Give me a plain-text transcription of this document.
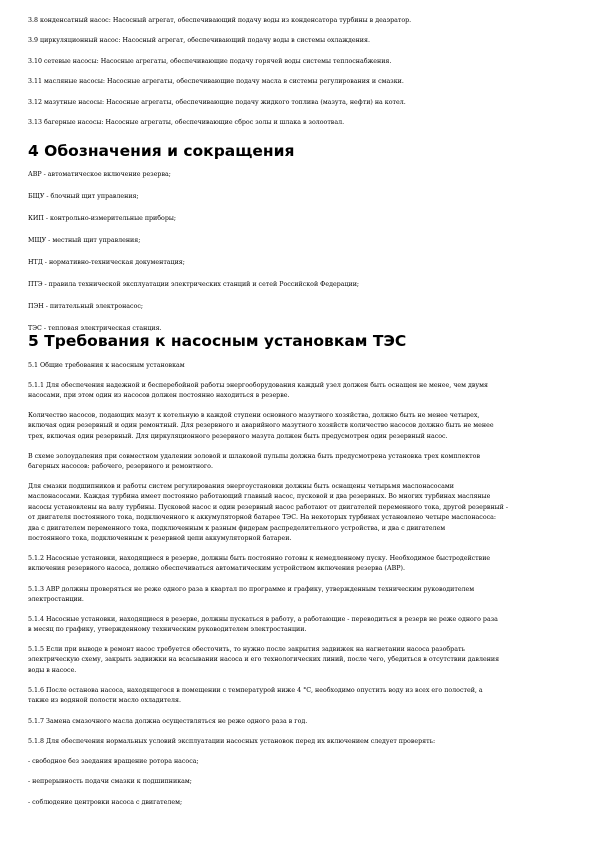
3.8 конденсатный насос: Насосный агрегат, обеспечивающий подачу воды из конденсатора турбины в деаэратор.
3.9 циркуляционный насос: Насосный агрегат, обеспечивающий подачу воды в системы охлаждения.
3.10 сетевые насосы: Насосные агрегаты, обеспечивающие подачу горячей воды системы теплоснабжения.
3.11 масляные насосы: Насосные агрегаты, обеспечивающие подачу масла в системы регулирования и смазки.
3.12 мазутные насосы: Насосные агрегаты, обеспечивающие подачу жидкого топлива (мазута, нефти) на котел.
3.13 багерные насосы: Насосные агрегаты, обеспечивающие сброс золы и шлака в золоотвал.
4 Обозначения и сокращения
АВР - автоматическое включение резерва;
БЩУ - блочный щит управления;
КИП - контрольно-измерительные приборы;
МЩУ - местный щит управления;
НТД - нормативно-техническая документация;
ПТЭ - правила технической эксплуатации электрических станций и сетей Российской Федерации;
ПЭН - питательный электронасос;
ТЭС - тепловая электрическая станция.
5 Требования к насосным установкам ТЭС
5.1 Общие требования к насосным установкам
5.1.1 Для обеспечения надежной и бесперебойной работы энергооборудования каждый узел должен быть оснащен не менее, чем двумя
насосами, при этом один из насосов должен постоянно находиться в резерве.
Количество насосов, подающих мазут к котельную в каждой ступени основного мазутного хозяйства, должно быть не менее четырех,
включая один резервный и один ремонтный. Для резервного и аварийного мазутного хозяйств количество насосов должно быть не менее
трех, включая один резервный. Для циркуляционного резервного мазута должен быть предусмотрен один резервный насос.
В схеме золоудаления при совместном удалении золовой и шлаковой пульпы должна быть предусмотрена установка трех комплектов
багерных насосов: рабочего, резервного и ремонтного.
Для смазки подшипников и работы систем регулирования энергоустановки должны быть оснащены четырьмя маслонасосами
маслонасосами. Каждая турбина имеет постоянно работающий главный насос, пусковой и два резервных. Во многих турбинах масляные
насосы установлены на валу турбины. Пусковой насос и один резервный насос работают от двигателей переменного тока, другой резервный -
от двигателя постоянного тока, подключенного к аккумуляторной батарее ТЭС. На некоторых турбинах установлено четыре маслонасоса:
два с двигателем переменного тока, подключенным к разным фидерам распределительного устройства, и два с двигателем
постоянного тока, подключенным к резервной цепи аккумуляторной батареи.
5.1.2 Насосные установки, находящиеся в резерве, должны быть постоянно готовы к немедленному пуску. Необходимое быстродействие
включения резервного насоса, должно обеспечиваться автоматическим устройством включения резерва (АВР).
5.1.3 АВР должны проверяться не реже одного раза в квартал по программе и графику, утвержденным техническим руководителем
электростанции.
5.1.4 Насосные установки, находящиеся в резерве, должны пускаться в работу, а работающие - переводиться в резерв не реже одного раза
в месяц по графику, утвержденному техническим руководителем электростанции.
5.1.5 Если при выводе в ремонт насос требуется обесточить, то нужно после закрытия задвижек на нагнетании насоса разобрать
электрическую схему, закрыть задвижки на всасывании насоса и его технологических линий, после чего, убедиться в отсутствии давления
воды в насосе.
5.1.6 После останова насоса, находящегося в помещении с температурой ниже 4 °С, необходимо опустить воду из всех его полостей, а
также из водяной полости масло охладителя.
5.1.7 Замена смазочного масла должна осуществляться не реже одного раза в год.
5.1.8 Для обеспечения нормальных условий эксплуатации насосных установок перед их включением следует проверять:
- свободное без заедания вращение ротора насоса;
- непрерывность подачи смазки к подшипникам;
- соблюдение центровки насоса с двигателем;
